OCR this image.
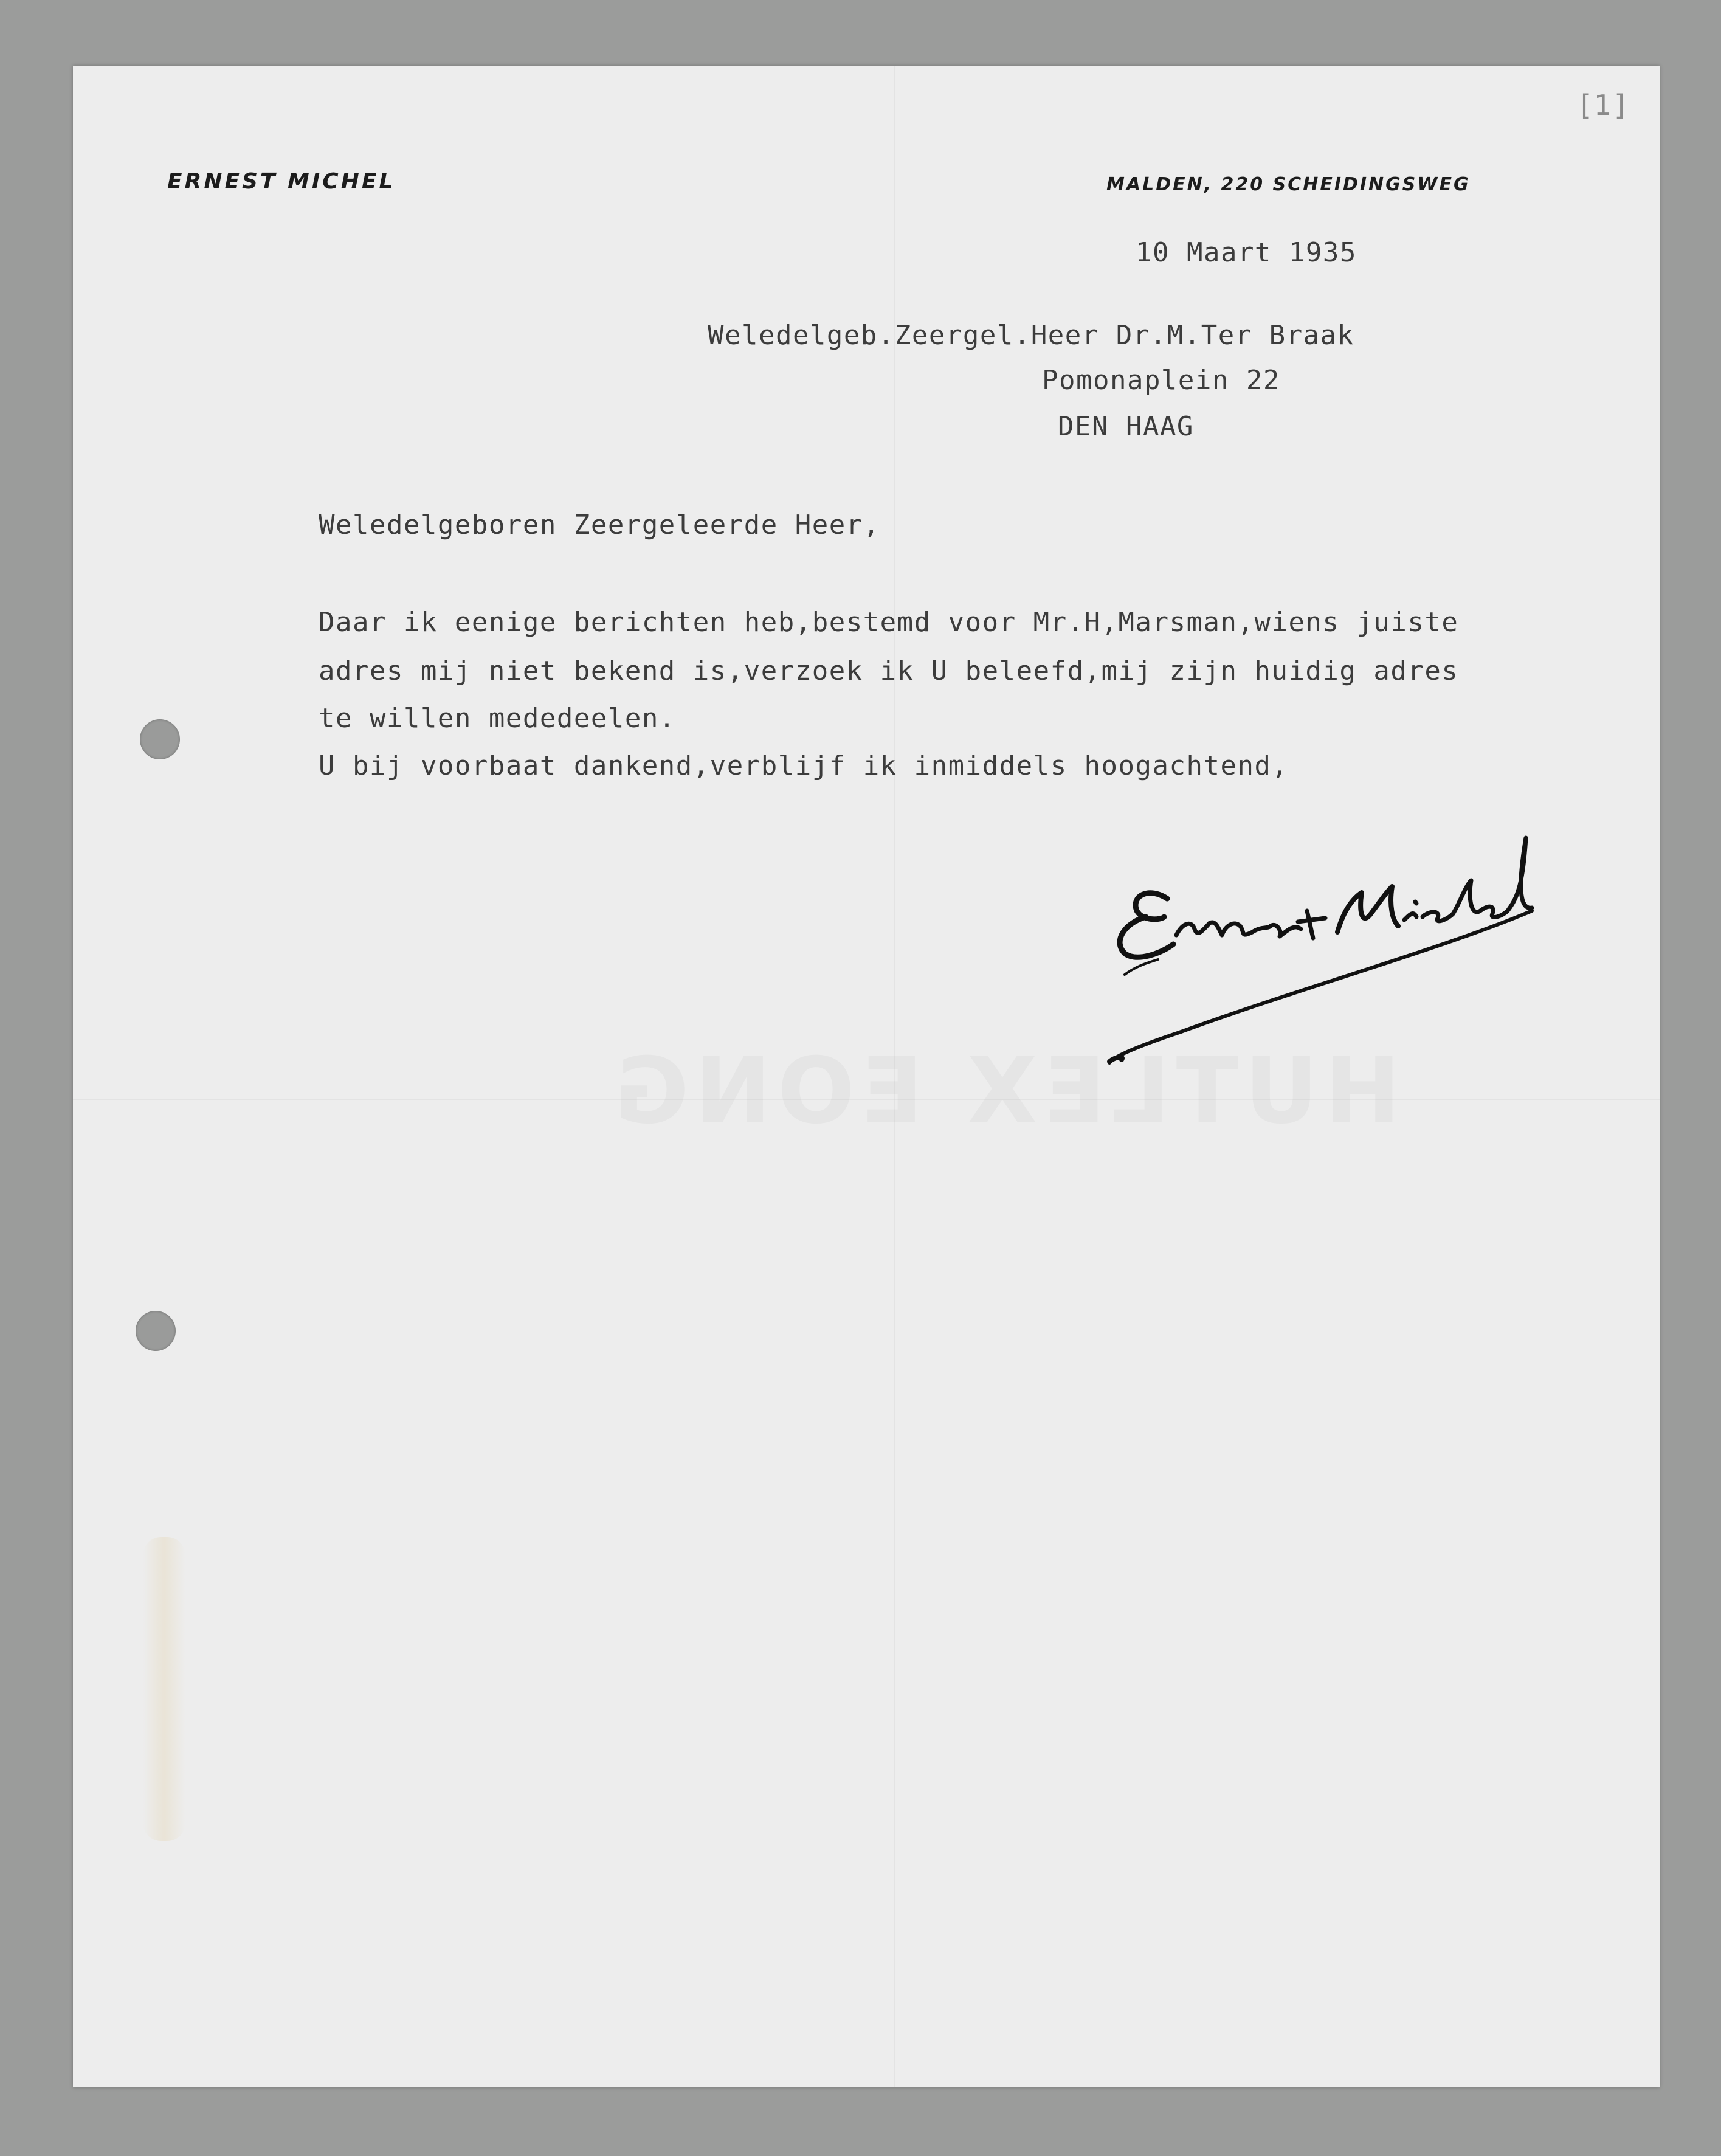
HUTLEX EONG
[1]
ERNEST MICHEL	MALDEN, 220 SCHEIDINGSWEG
10 Maart 1935
Weledelgeb.Zeergel.Heer Dr.M.Ter Braak
Pomonaplein 22
DEN HAAG
Weledelgeboren Zeergeleerde Heer,
Daar ik eenige berichten heb,bestemd voor Mr.H,Marsman,wiens juiste
adres mij niet bekend is,verzoek ik U beleefd,mij zijn huidig adres
te willen mededeelen.
U bij voorbaat dankend,verblijf ik inmiddels hoogachtend,
